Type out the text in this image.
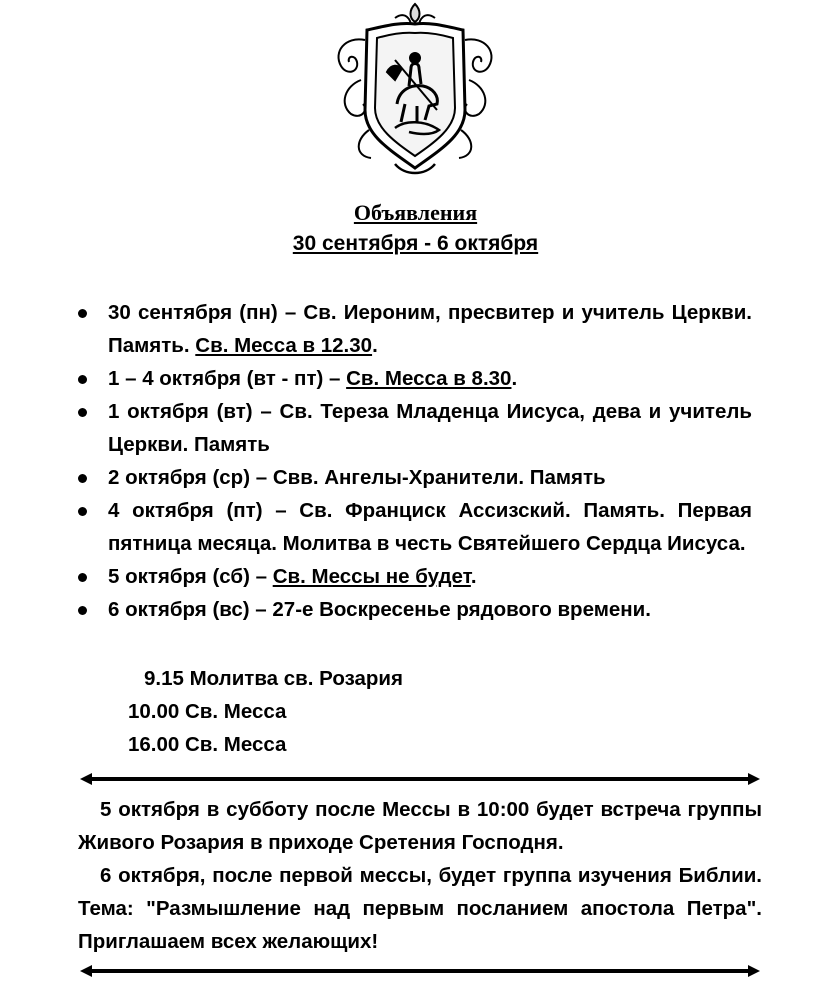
Объявления
30 сентября - 6 октября
30 сентября (пн) – Св. Иероним, пресвитер и учитель Церкви. Память. Св. Месса в 12.30.
1 – 4 октября (вт - пт) – Св. Месса в 8.30.
1 октября (вт) – Св. Тереза Младенца Иисуса, дева и учитель Церкви. Память
2 октября (ср) – Свв. Ангелы-Хранители. Память
4 октября (пт) – Св. Франциск Ассизский. Память. Первая пятница месяца. Молитва в честь Святейшего Сердца Иисуса.
5 октября (сб) – Св. Мессы не будет.
6 октября (вс) – 27-е Воскресенье рядового времени.
9.15 Молитва св. Розария
10.00 Св. Месса
16.00 Св. Месса

5 октября в субботу после Мессы в 10:00 будет встреча группы Живого Розария в приходе Сретения Господня.

6 октября, после первой мессы, будет группа изучения Библии. Тема: "Размышление над первым посланием апостола Петра". Приглашаем всех желающих!
